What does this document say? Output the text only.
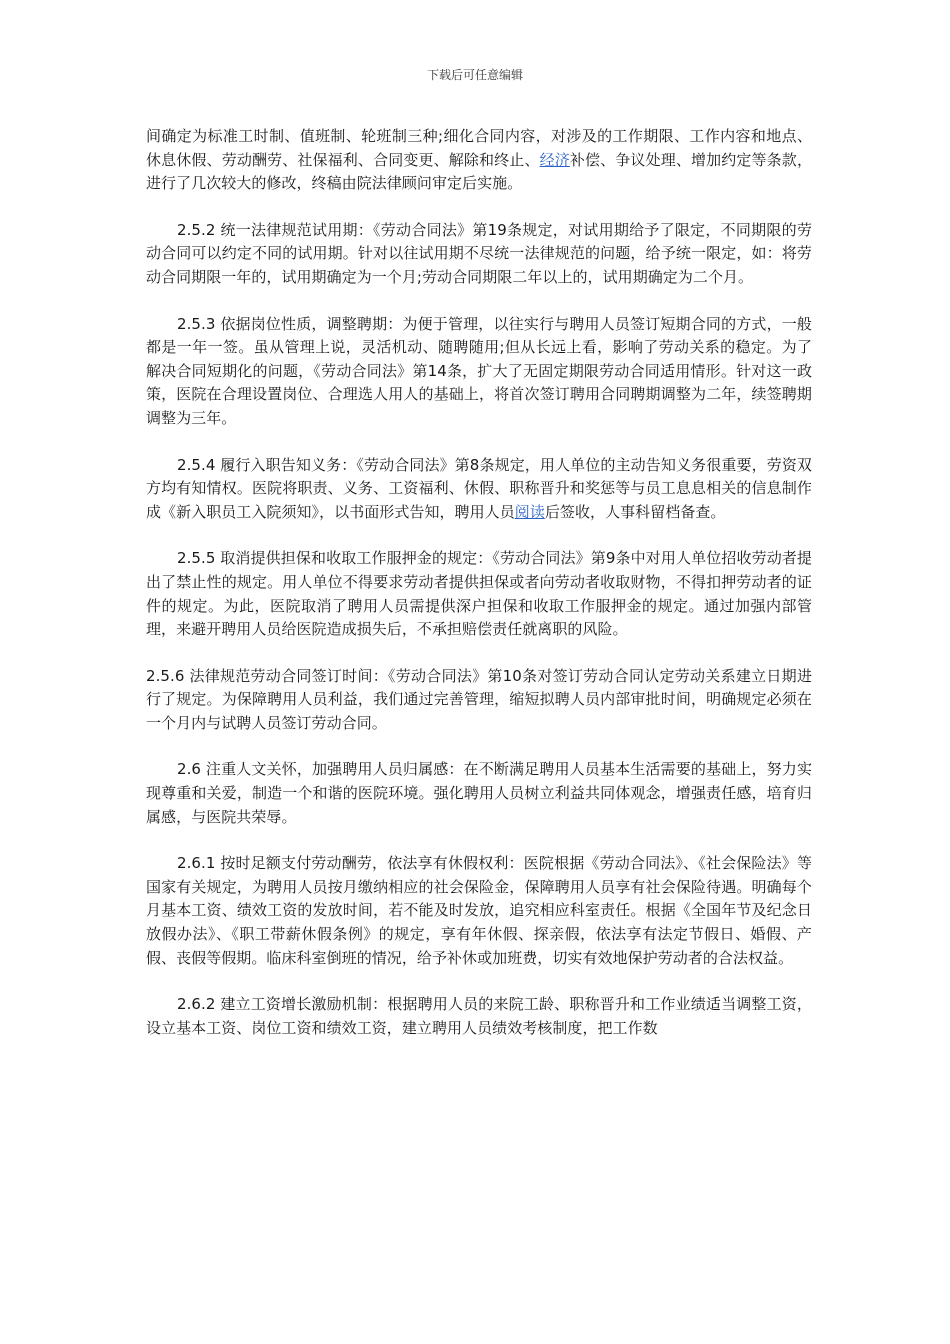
下载后可任意编辑

间确定为标准工时制、值班制、轮班制三种;细化合同内容，对涉及的工作期限、工作内容和地点、休息休假、劳动酬劳、社保福利、合同变更、解除和终止、经济补偿、争议处理、增加约定等条款，进行了几次较大的修改，终稿由院法律顾问审定后实施。

2.5.2 统一法律规范试用期：《劳动合同法》第19条规定，对试用期给予了限定，不同期限的劳动合同可以约定不同的试用期。针对以往试用期不尽统一法律规范的问题，给予统一限定，如：将劳动合同期限一年的，试用期确定为一个月;劳动合同期限二年以上的，试用期确定为二个月。

2.5.3 依据岗位性质，调整聘期：为便于管理，以往实行与聘用人员签订短期合同的方式，一般都是一年一签。虽从管理上说，灵活机动、随聘随用;但从长远上看，影响了劳动关系的稳定。为了解决合同短期化的问题，《劳动合同法》第14条，扩大了无固定期限劳动合同适用情形。针对这一政策，医院在合理设置岗位、合理选人用人的基础上，将首次签订聘用合同聘期调整为二年，续签聘期调整为三年。

2.5.4 履行入职告知义务：《劳动合同法》第8条规定，用人单位的主动告知义务很重要，劳资双方均有知情权。医院将职责、义务、工资福利、休假、职称晋升和奖惩等与员工息息相关的信息制作成《新入职员工入院须知》，以书面形式告知，聘用人员阅读后签收，人事科留档备查。

2.5.5 取消提供担保和收取工作服押金的规定：《劳动合同法》第9条中对用人单位招收劳动者提出了禁止性的规定。用人单位不得要求劳动者提供担保或者向劳动者收取财物，不得扣押劳动者的证件的规定。为此，医院取消了聘用人员需提供深户担保和收取工作服押金的规定。通过加强内部管理，来避开聘用人员给医院造成损失后，不承担赔偿责任就离职的风险。

2.5.6 法律规范劳动合同签订时间：《劳动合同法》第10条对签订劳动合同认定劳动关系建立日期进行了规定。为保障聘用人员利益，我们通过完善管理，缩短拟聘人员内部审批时间，明确规定必须在一个月内与试聘人员签订劳动合同。

2.6 注重人文关怀，加强聘用人员归属感：在不断满足聘用人员基本生活需要的基础上，努力实现尊重和关爱，制造一个和谐的医院环境。强化聘用人员树立利益共同体观念，增强责任感，培育归属感，与医院共荣辱。

2.6.1 按时足额支付劳动酬劳，依法享有休假权利：医院根据《劳动合同法》、《社会保险法》等国家有关规定，为聘用人员按月缴纳相应的社会保险金，保障聘用人员享有社会保险待遇。明确每个月基本工资、绩效工资的发放时间，若不能及时发放，追究相应科室责任。根据《全国年节及纪念日放假办法》、《职工带薪休假条例》的规定，享有年休假、探亲假，依法享有法定节假日、婚假、产假、丧假等假期。临床科室倒班的情况，给予补休或加班费，切实有效地保护劳动者的合法权益。

2.6.2 建立工资增长激励机制：根据聘用人员的来院工龄、职称晋升和工作业绩适当调整工资，设立基本工资、岗位工资和绩效工资，建立聘用人员绩效考核制度，把工作数
